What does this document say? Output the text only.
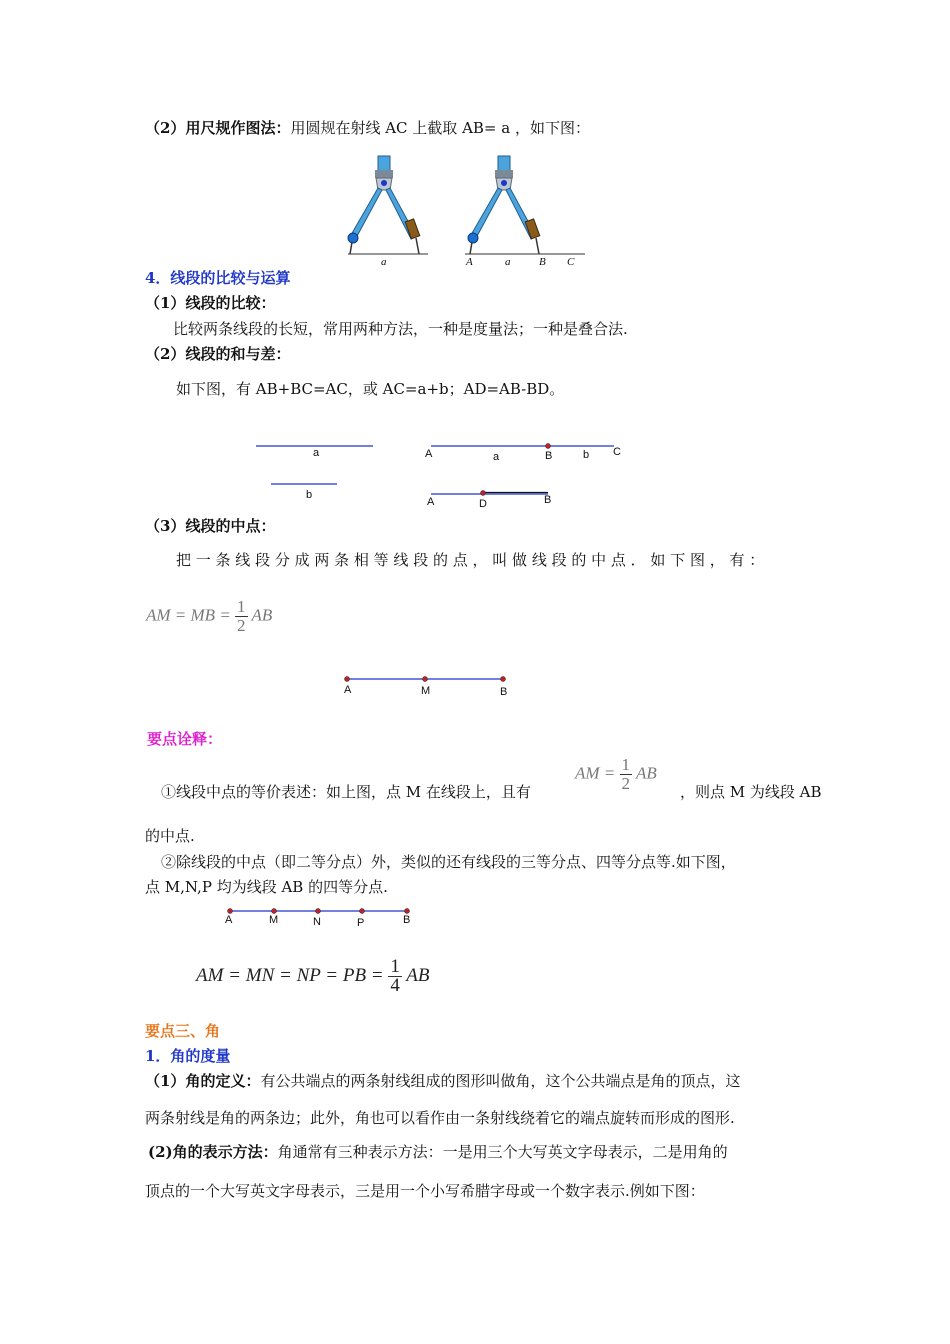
（2）用尺规作图法：用圆规在射线 AC 上截取 AB= a ，如下图：
a	A	a	B C
4．线段的比较与运算
（1）线段的比较：
比较两条线段的长短，常用两种方法，一种是度量法；一种是叠合法.
（2）线段的和与差：
如下图，有 AB+BC=AC，或 AC=a+b；AD=AB-BD。
a
b
A	a	B	b C
A	D	B
（3）线段的中点：
把 一 条 线 段 分 成 两 条 相 等 线 段 的 点 ， 叫 做 线 段 的 中 点 ． 如 下 图 ， 有 ：
AM = MB = $\frac{1}{2}$ AB
A	M	B
要点诠释：
AM = $\frac{1}{2}$ AB
①线段中点的等价表述：如上图，点 M 在线段上，且有	，则点 M 为线段 AB
的中点.
②除线段的中点（即二等分点）外，类似的还有线段的三等分点、四等分点等.如下图，
点 M,N,P 均为线段 AB 的四等分点.
A	M	N	P	B
AM = MN = NP = PB = $\frac{1}{4}$ AB
要点三、角
1．角的度量
（1）角的定义：有公共端点的两条射线组成的图形叫做角，这个公共端点是角的顶点，这
两条射线是角的两条边；此外，角也可以看作由一条射线绕着它的端点旋转而形成的图形.
(2)角的表示方法：角通常有三种表示方法：一是用三个大写英文字母表示，二是用角的
顶点的一个大写英文字母表示，三是用一个小写希腊字母或一个数字表示.例如下图：
